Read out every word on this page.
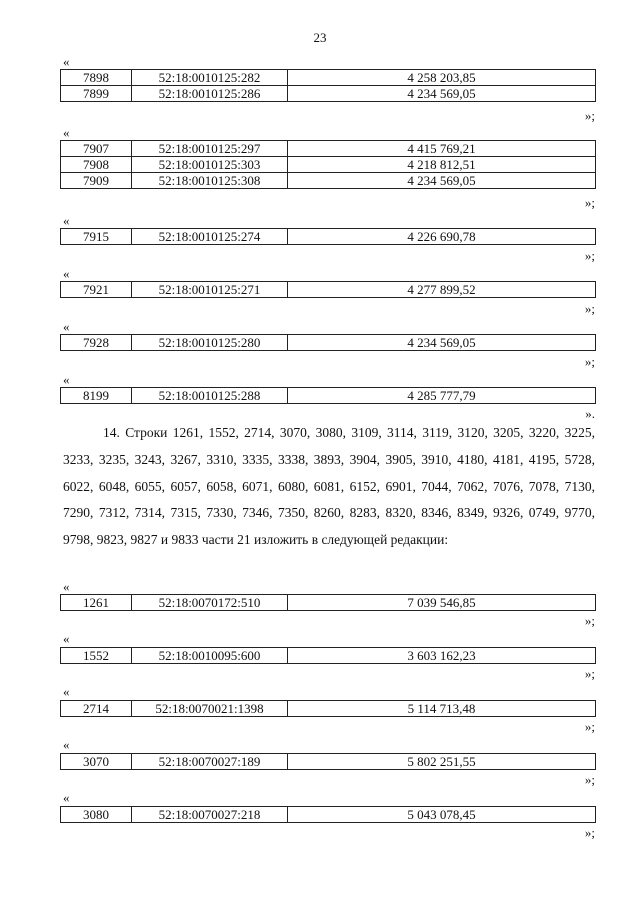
23
«
7898	52:18:0010125:282	4 258 203,85
7899	52:18:0010125:286	4 234 569,05
»;
«
7907	52:18:0010125:297	4 415 769,21
7908	52:18:0010125:303	4 218 812,51
7909	52:18:0010125:308	4 234 569,05
»;
«
7915	52:18:0010125:274	4 226 690,78
»;
«
7921	52:18:0010125:271	4 277 899,52
»;
«
7928	52:18:0010125:280	4 234 569,05
»;
«
8199	52:18:0010125:288	4 285 777,79
».
14. Строки 1261, 1552, 2714, 3070, 3080, 3109, 3114, 3119, 3120, 3205, 3220, 3225, 3233, 3235, 3243, 3267, 3310, 3335, 3338, 3893, 3904, 3905, 3910, 4180, 4181, 4195, 5728, 6022, 6048, 6055, 6057, 6058, 6071, 6080, 6081, 6152, 6901, 7044, 7062, 7076, 7078, 7130, 7290, 7312, 7314, 7315, 7330, 7346, 7350, 8260, 8283, 8320, 8346, 8349, 9326, 0749, 9770, 9798, 9823, 9827 и 9833 части 21 изложить в следующей редакции:
«
1261	52:18:0070172:510	7 039 546,85
»;
«
1552	52:18:0010095:600	3 603 162,23
»;
«
2714	52:18:0070021:1398	5 114 713,48
»;
«
3070	52:18:0070027:189	5 802 251,55
»;
«
3080	52:18:0070027:218	5 043 078,45
»;
